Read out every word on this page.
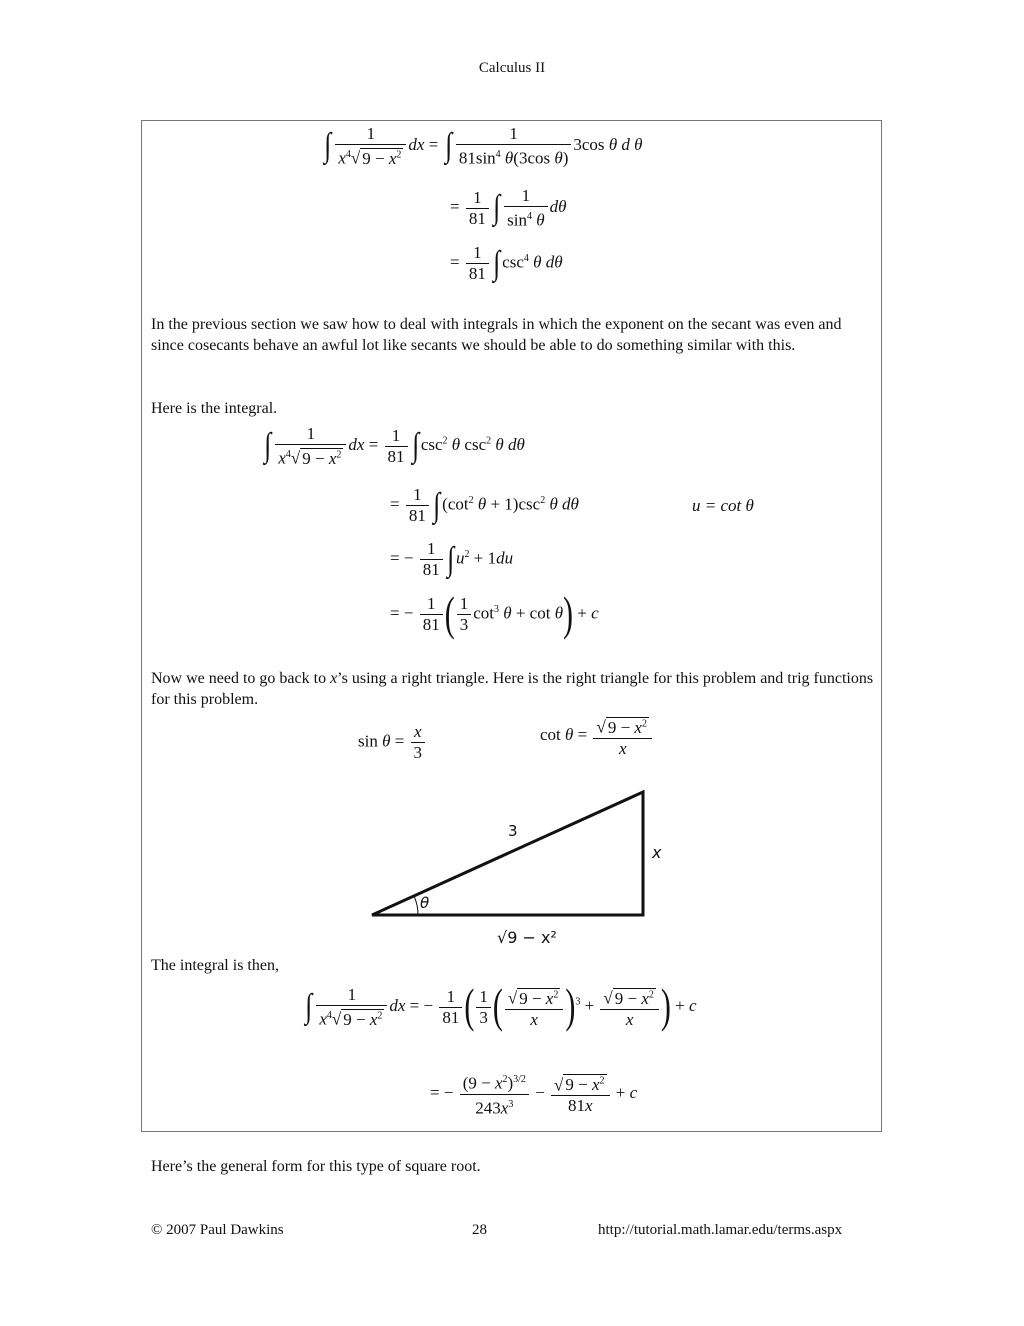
Calculus II
∫ $\frac{1}{x^4√ 9 - x^2}$ dx = ∫ $\frac{1}{81\sin^4 \theta(3\cos \theta)} 3\cos$ θ d θ
= $\frac{1}{81}$ ∫ $\frac{1}{\sin^4 \theta}$ dθ
= $\frac{1}{81}$ ∫ $\csc^4 \theta$ dθ
In the previous section we saw how to deal with integrals in which the exponent on the secant was even and since cosecants behave an awful lot like secants we should be able to do something similar with this.
Here is the integral.
∫ $\frac{1}{x^4√ 9 - x^2}$ dx = $\frac{1}{81}$ ∫ $\csc^2 \theta$ $\csc^2 \theta$ dθ
= $\frac{1}{81}$ ∫ ($\cot^2$ $\theta + 1)\csc^2$ θ dθ	u = cot θ
= − $\frac{1}{81}$ ∫ $u^2 + 1du$
= − $\frac{1}{81}$ ( $\frac{1}{3} \cot^3 \theta + \cot \theta) + c$
Now we need to go back to x’s using a right triangle. Here is the right triangle for this problem and trig functions for this problem.
$\sin \theta = \frac{x}{3}$	$\cot \theta = \frac{√ 9 - x^2}{x}$
3
x
θ
√9 − x²
The integral is then,
∫ $\frac{1}{x^4√ 9 - x^2}$ dx = − $\frac{1}{81}$ ( $\frac{1}{3}$ ( $\frac{√ 9 - x^2}{x} )^3 + \frac{√ 9 - x^2}{x}$ ) + c
= − $\frac{(9 - x^2)^{3/2}}{243x^3} - \frac{√ 9 - x^2}{81x} + c$
Here’s the general form for this type of square root.
© 2007 Paul Dawkins	28	http://tutorial.math.lamar.edu/terms.aspx
